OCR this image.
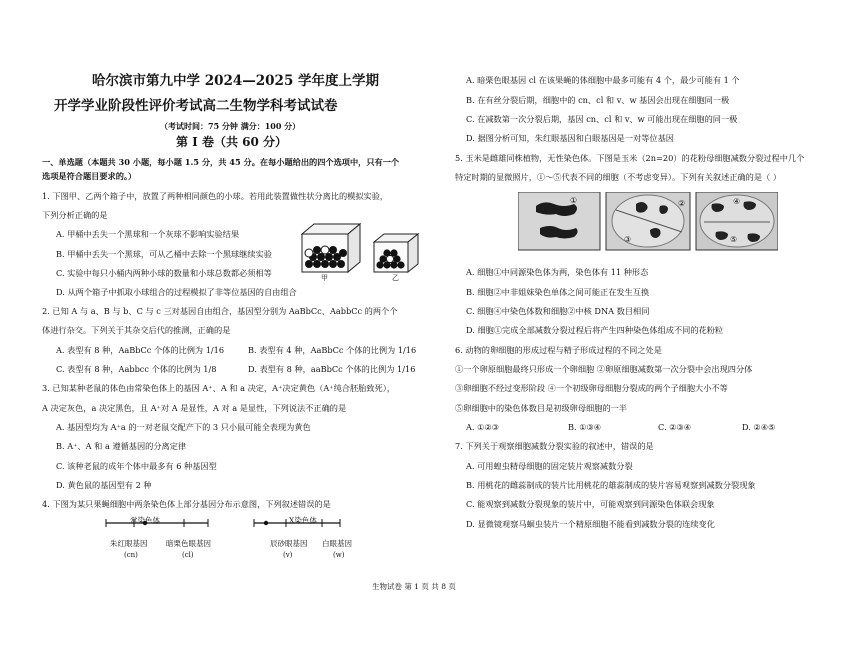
哈尔滨市第九中学 2024—2025 学年度上学期
开学学业阶段性评价考试高二生物学科考试试卷
（考试时间：75 分钟 满分：100 分）
第 I 卷（共 60 分）
一、单选题（本题共 30 小题，每小题 1.5 分，共 45 分。在每小题给出的四个选项中，只有一个
选项是符合题目要求的。）
1. 下图甲、乙两个箱子中，放置了两种相同颜色的小球。若用此装置做性状分离比的模拟实验，
下列分析正确的是
A. 甲桶中丢失一个黑球和一个灰球不影响实验结果
B. 甲桶中丢失一个黑球，可从乙桶中去除一个黑球继续实验
C. 实验中每只小桶内两种小球的数量和小球总数都必须相等
D. 从两个箱子中抓取小球组合的过程模拟了非等位基因的自由组合
甲	乙
2. 已知 A 与 a、B 与 b、C 与 c 三对基因自由组合，基因型分别为 AaBbCc、AabbCc 的两个个
体进行杂交。下列关于其杂交后代的推测，正确的是
A. 表型有 8 种，AaBbCc 个体的比例为 1/16	B. 表型有 4 种，AaBbCc 个体的比例为 1/16
C. 表型有 8 种，Aabbcc 个体的比例为 1/8	D. 表型有 8 种，aaBbCc 个体的比例为 1/16
3. 已知某种老鼠的体色由常染色体上的基因 A⁺、A 和 a 决定，A⁺决定黄色（A⁺纯合胚胎致死），
A 决定灰色，a 决定黑色，且 A⁺对 A 是显性，A 对 a 是显性，下列说法不正确的是
A. 基因型均为 A⁺a 的一对老鼠交配产下的 3 只小鼠可能全表现为黄色
B. A⁺、A 和 a 遵循基因的分离定律
C. 该种老鼠的成年个体中最多有 6 种基因型
D. 黄色鼠的基因型有 2 种
4. 下图为某只果蝇细胞中两条染色体上部分基因分布示意图，下列叙述错误的是
常染色体	X染色体
朱红眼基因
(cn)
暗栗色眼基因
(cl)
辰砂眼基因
(v)
白眼基因
(w)
A. 暗栗色眼基因 cl 在该果蝇的体细胞中最多可能有 4 个，最少可能有 1 个
B. 在有丝分裂后期，细胞中的 cn、cl 和 v、w 基因会出现在细胞同一极
C. 在减数第一次分裂后期，基因 cn、cl 和 v、w 可能出现在细胞的同一极
D. 据图分析可知，朱红眼基因和白眼基因是一对等位基因
5. 玉米是雌雄同株植物，无性染色体。下图是玉米（2n=20）的花粉母细胞减数分裂过程中几个
特定时期的显微照片，①～⑤代表不同的细胞（不考虑变异）。下列有关叙述正确的是（ ）
①	②
③
④
⑤
A. 细胞①中同源染色体为两，染色体有 11 种形态
B. 细胞②中非姐妹染色单体之间可能正在发生互换
C. 细胞④中染色体数和细胞②中核 DNA 数目相同
D. 细胞①完成全部减数分裂过程后将产生四种染色体组成不同的花粉粒
6. 动物的卵细胞的形成过程与精子形成过程的不同之处是
①一个卵原细胞最终只形成一个卵细胞 ②卵原细胞减数第一次分裂中会出现四分体
③卵细胞不经过变形阶段 ④一个初级卵母细胞分裂成的两个子细胞大小不等
⑤卵细胞中的染色体数目是初级卵母细胞的一半
A. ①②③	B. ①③④	C. ②③④	D. ②④⑤
7. 下列关于观察细胞减数分裂实验的叙述中，错误的是
A. 可用蝗虫精母细胞的固定装片观察减数分裂
B. 用桃花的雌蕊制成的装片比用桃花的雄蕊制成的装片容易观察到减数分裂现象
C. 能观察到减数分裂现象的装片中，可能观察到同源染色体联会现象
D. 显微镜观察马蛔虫装片一个精原细胞不能看到减数分裂的连续变化
生物试卷 第 1 页 共 8 页
